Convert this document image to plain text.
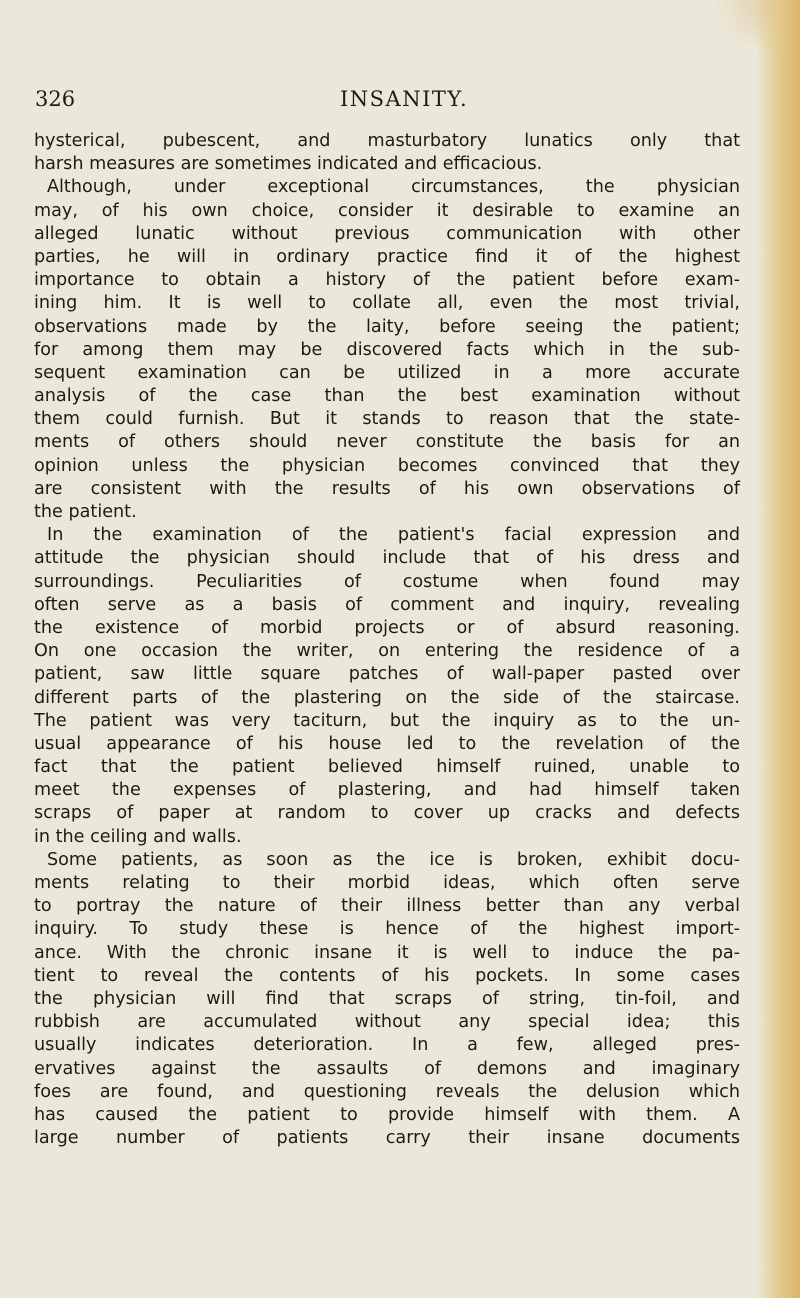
326	INSANITY.
hysterical, pubescent, and masturbatory lunatics only that
harsh measures are sometimes indicated and efficacious.
Although, under exceptional circumstances, the physician
may, of his own choice, consider it desirable to examine an
alleged lunatic without previous communication with other
parties, he will in ordinary practice find it of the highest
importance to obtain a history of the patient before exam-
ining him. It is well to collate all, even the most trivial,
observations made by the laity, before seeing the patient;
for among them may be discovered facts which in the sub-
sequent examination can be utilized in a more accurate
analysis of the case than the best examination without
them could furnish. But it stands to reason that the state-
ments of others should never constitute the basis for an
opinion unless the physician becomes convinced that they
are consistent with the results of his own observations of
the patient.
In the examination of the patient's facial expression and
attitude the physician should include that of his dress and
surroundings. Peculiarities of costume when found may
often serve as a basis of comment and inquiry, revealing
the existence of morbid projects or of absurd reasoning.
On one occasion the writer, on entering the residence of a
patient, saw little square patches of wall-paper pasted over
different parts of the plastering on the side of the staircase.
The patient was very taciturn, but the inquiry as to the un-
usual appearance of his house led to the revelation of the
fact that the patient believed himself ruined, unable to
meet the expenses of plastering, and had himself taken
scraps of paper at random to cover up cracks and defects
in the ceiling and walls.
Some patients, as soon as the ice is broken, exhibit docu-
ments relating to their morbid ideas, which often serve
to portray the nature of their illness better than any verbal
inquiry. To study these is hence of the highest import-
ance. With the chronic insane it is well to induce the pa-
tient to reveal the contents of his pockets. In some cases
the physician will find that scraps of string, tin-foil, and
rubbish are accumulated without any special idea; this
usually indicates deterioration. In a few, alleged pres-
ervatives against the assaults of demons and imaginary
foes are found, and questioning reveals the delusion which
has caused the patient to provide himself with them. A
large number of patients carry their insane documents
